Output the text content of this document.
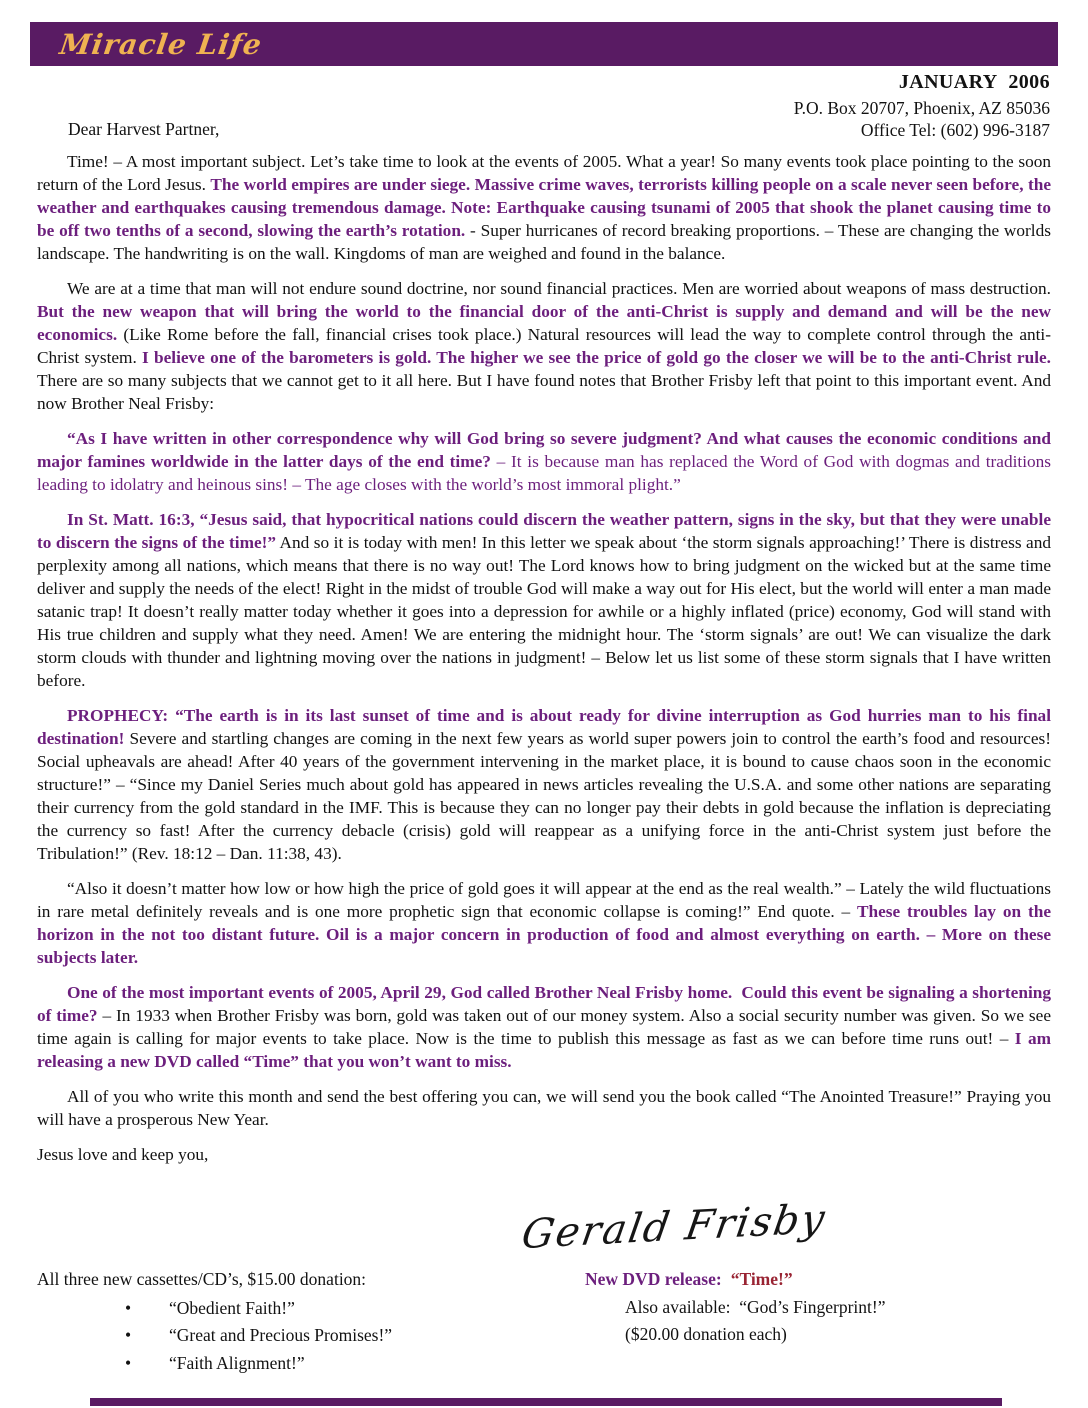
Miracle Life
JANUARY  2006
P.O. Box 20707, Phoenix, AZ 85036
Office Tel: (602) 996-3187
Dear Harvest Partner,

Time! – A most important subject. Let’s take time to look at the events of 2005. What a year! So many events took place pointing to the soon return of the Lord Jesus. The world empires are under siege. Massive crime waves, terrorists killing people on a scale never seen before, the weather and earthquakes causing tremendous damage. Note: Earthquake causing tsunami of 2005 that shook the planet causing time to be off two tenths of a second, slowing the earth’s rotation. - Super hurricanes of record breaking proportions. – These are changing the worlds landscape. The handwriting is on the wall. Kingdoms of man are weighed and found in the balance.

We are at a time that man will not endure sound doctrine, nor sound financial practices. Men are worried about weapons of mass destruction. But the new weapon that will bring the world to the financial door of the anti-Christ is supply and demand and will be the new economics. (Like Rome before the fall, financial crises took place.) Natural resources will lead the way to complete control through the anti-Christ system. I believe one of the barometers is gold. The higher we see the price of gold go the closer we will be to the anti-Christ rule. There are so many subjects that we cannot get to it all here. But I have found notes that Brother Frisby left that point to this important event. And now Brother Neal Frisby:

“As I have written in other correspondence why will God bring so severe judgment? And what causes the economic conditions and major famines worldwide in the latter days of the end time? – It is because man has replaced the Word of God with dogmas and traditions leading to idolatry and heinous sins! – The age closes with the world’s most immoral plight.”

In St. Matt. 16:3, “Jesus said, that hypocritical nations could discern the weather pattern, signs in the sky, but that they were unable to discern the signs of the time!” And so it is today with men! In this letter we speak about ‘the storm signals approaching!’ There is distress and perplexity among all nations, which means that there is no way out! The Lord knows how to bring judgment on the wicked but at the same time deliver and supply the needs of the elect! Right in the midst of trouble God will make a way out for His elect, but the world will enter a man made satanic trap! It doesn’t really matter today whether it goes into a depression for awhile or a highly inflated (price) economy, God will stand with His true children and supply what they need. Amen! We are entering the midnight hour. The ‘storm signals’ are out! We can visualize the dark storm clouds with thunder and lightning moving over the nations in judgment! – Below let us list some of these storm signals that I have written before.

PROPHECY: “The earth is in its last sunset of time and is about ready for divine interruption as God hurries man to his final destination! Severe and startling changes are coming in the next few years as world super powers join to control the earth’s food and resources! Social upheavals are ahead! After 40 years of the government intervening in the market place, it is bound to cause chaos soon in the economic structure!” – “Since my Daniel Series much about gold has appeared in news articles revealing the U.S.A. and some other nations are separating their currency from the gold standard in the IMF. This is because they can no longer pay their debts in gold because the inflation is depreciating the currency so fast! After the currency debacle (crisis) gold will reappear as a unifying force in the anti-Christ system just before the Tribulation!” (Rev. 18:12 – Dan. 11:38, 43).

“Also it doesn’t matter how low or how high the price of gold goes it will appear at the end as the real wealth.” – Lately the wild fluctuations in rare metal definitely reveals and is one more prophetic sign that economic collapse is coming!” End quote. – These troubles lay on the horizon in the not too distant future. Oil is a major concern in production of food and almost everything on earth. – More on these subjects later.

One of the most important events of 2005, April 29, God called Brother Neal Frisby home.  Could this event be signaling a shortening of time? – In 1933 when Brother Frisby was born, gold was taken out of our money system. Also a social security number was given. So we see time again is calling for major events to take place. Now is the time to publish this message as fast as we can before time runs out! – I am releasing a new DVD called “Time” that you won’t want to miss.

All of you who write this month and send the best offering you can, we will send you the book called “The Anointed Treasure!” Praying you will have a prosperous New Year.

Jesus love and keep you,

Gerald Frisby
All three new cassettes/CD’s, $15.00 donation:
•	“Obedient Faith!”
•	“Great and Precious Promises!”
•	“Faith Alignment!”
New DVD release: “Time!”
Also available:  “God’s Fingerprint!”
($20.00 donation each)
